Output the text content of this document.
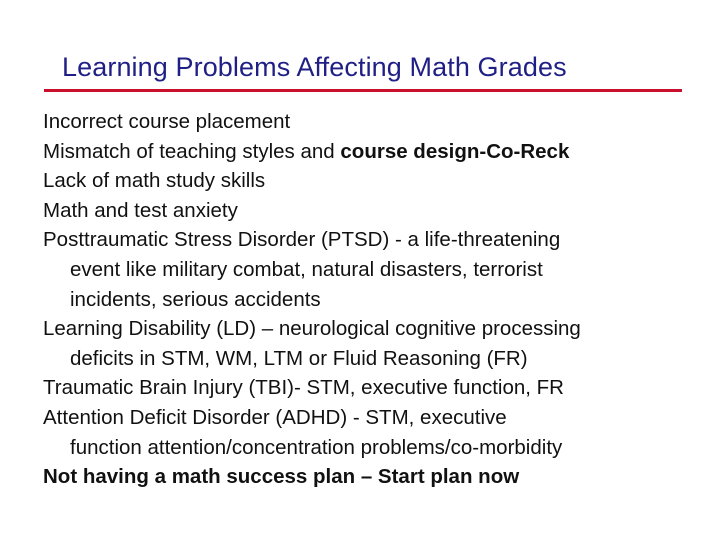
Learning Problems Affecting Math Grades
Incorrect course placement
Mismatch of teaching styles and course design-Co-Reck
Lack of math study skills
Math and test anxiety
Posttraumatic Stress Disorder (PTSD) - a life-threatening
event like military combat, natural disasters, terrorist
incidents, serious accidents
Learning Disability (LD) – neurological cognitive processing
deficits in STM, WM, LTM or Fluid Reasoning (FR)
Traumatic Brain Injury (TBI)- STM, executive function, FR
Attention Deficit Disorder (ADHD) - STM, executive
function attention/concentration problems/co-morbidity
Not having a math success plan – Start plan now
